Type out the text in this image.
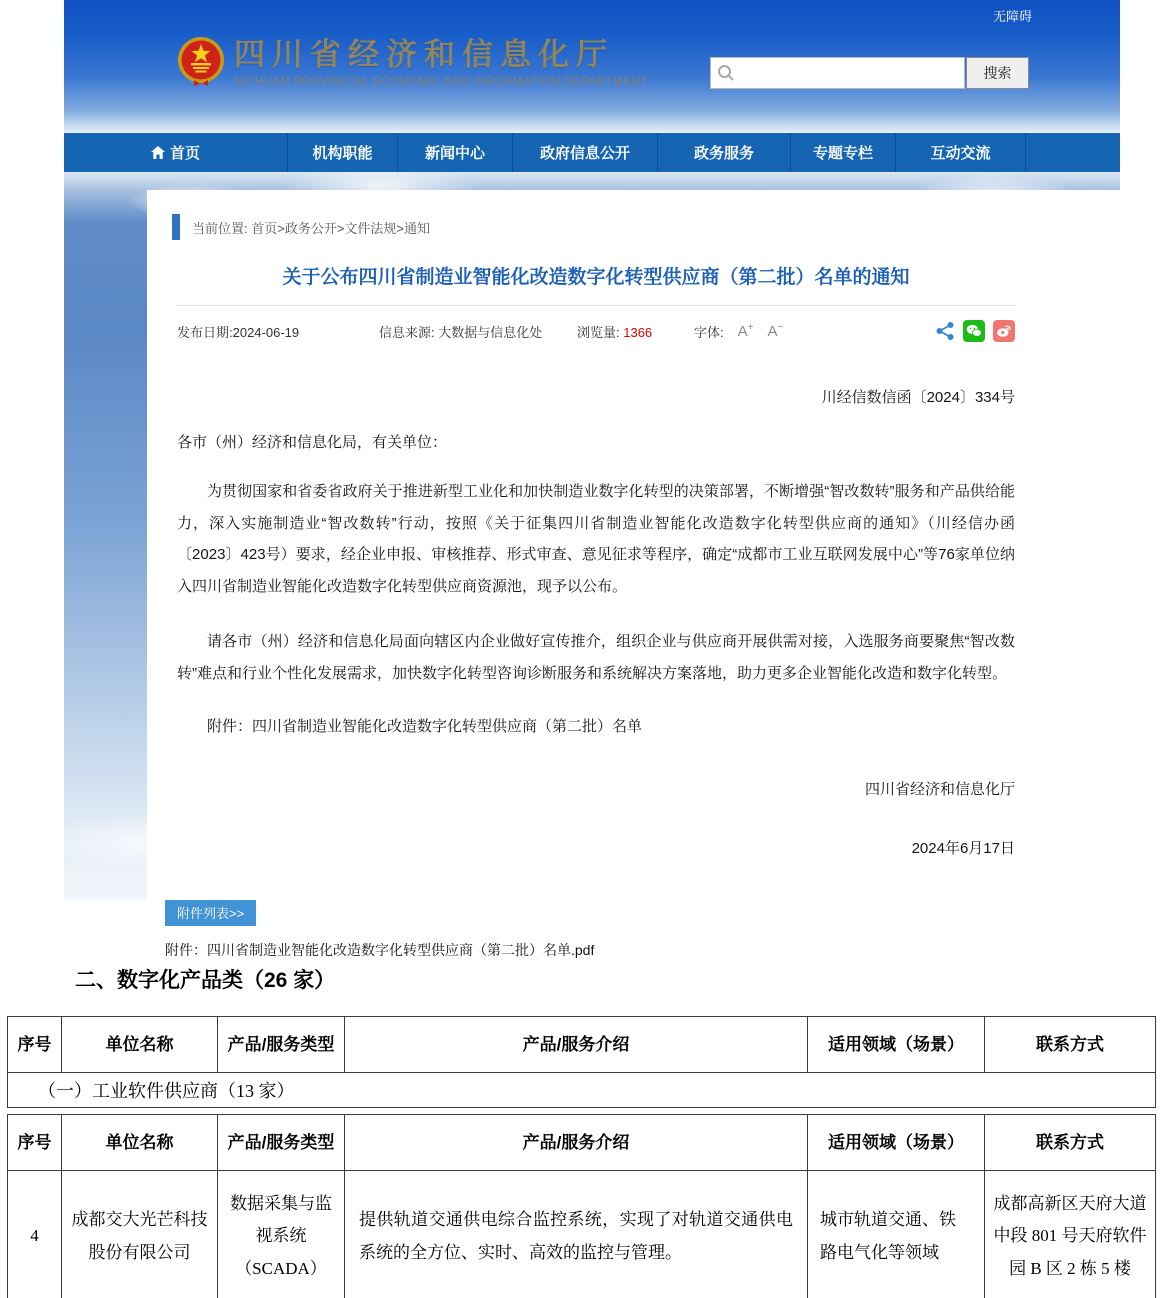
无障碍
四川省经济和信息化厅
SICHUAN PROVINCIAL ECONOMIC AND INFORMATION DEPARTMENT
搜索
首页	机构职能	新闻中心	政府信息公开	政务服务	专题专栏	互动交流
当前位置: 首页>政务公开>文件法规>通知
关于公布四川省制造业智能化改造数字化转型供应商（第二批）名单的通知
发布日期:2024-06-19	信息来源: 大数据与信息化处	浏览量: 1366	字体: A+ A−
川经信数信函〔2024〕334号
各市（州）经济和信息化局，有关单位：
为贯彻国家和省委省政府关于推进新型工业化和加快制造业数字化转型的决策部署，不断增强“智改数转”服务和产品供给能力，深入实施制造业“智改数转”行动，按照《关于征集四川省制造业智能化改造数字化转型供应商的通知》（川经信办函〔2023〕423号）要求，经企业申报、审核推荐、形式审查、意见征求等程序，确定“成都市工业互联网发展中心”等76家单位纳入四川省制造业智能化改造数字化转型供应商资源池，现予以公布。
请各市（州）经济和信息化局面向辖区内企业做好宣传推介，组织企业与供应商开展供需对接，入选服务商要聚焦“智改数转”难点和行业个性化发展需求，加快数字化转型咨询诊断服务和系统解决方案落地，助力更多企业智能化改造和数字化转型。
附件：四川省制造业智能化改造数字化转型供应商（第二批）名单
四川省经济和信息化厅
2024年6月17日
附件列表>>
附件：四川省制造业智能化改造数字化转型供应商（第二批）名单.pdf
二、数字化产品类（26 家）
序号	单位名称	产品/服务类型	产品/服务介绍	适用领域（场景）	联系方式
（一）工业软件供应商（13 家）
序号	单位名称	产品/服务类型	产品/服务介绍	适用领域（场景）	联系方式
4	成都交大光芒科技股份有限公司	数据采集与监视系统（SCADA）	提供轨道交通供电综合监控系统，实现了对轨道交通供电系统的全方位、实时、高效的监控与管理。	城市轨道交通、铁路电气化等领域	成都高新区天府大道中段 801 号天府软件园 B 区 2 栋 5 楼
